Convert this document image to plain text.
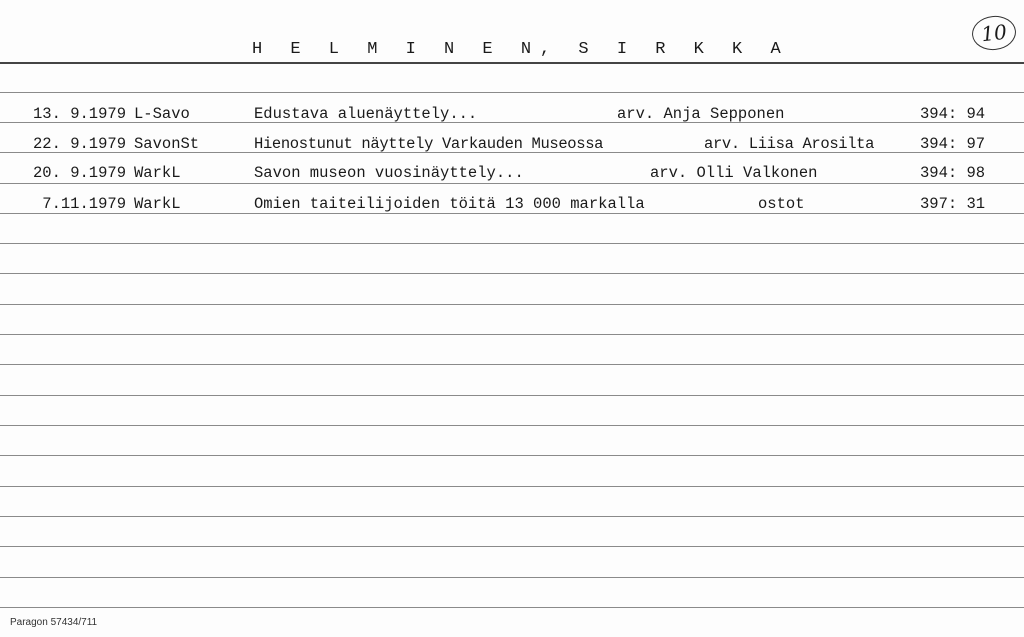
H E L M I N E N, S I R K K A
10
13. 9.1979 L-Savo	Edustava aluenäyttely...	arv. Anja Sepponen	394: 94
22. 9.1979 SavonSt	Hienostunut näyttely Varkauden Museossa	arv. Liisa Arosilta	394: 97
20. 9.1979 WarkL	Savon museon vuosinäyttely...	arv. Olli Valkonen	394: 98
7.11.1979 WarkL	Omien taiteilijoiden töitä 13 000 markalla	ostot	397: 31
Paragon 57434/711
